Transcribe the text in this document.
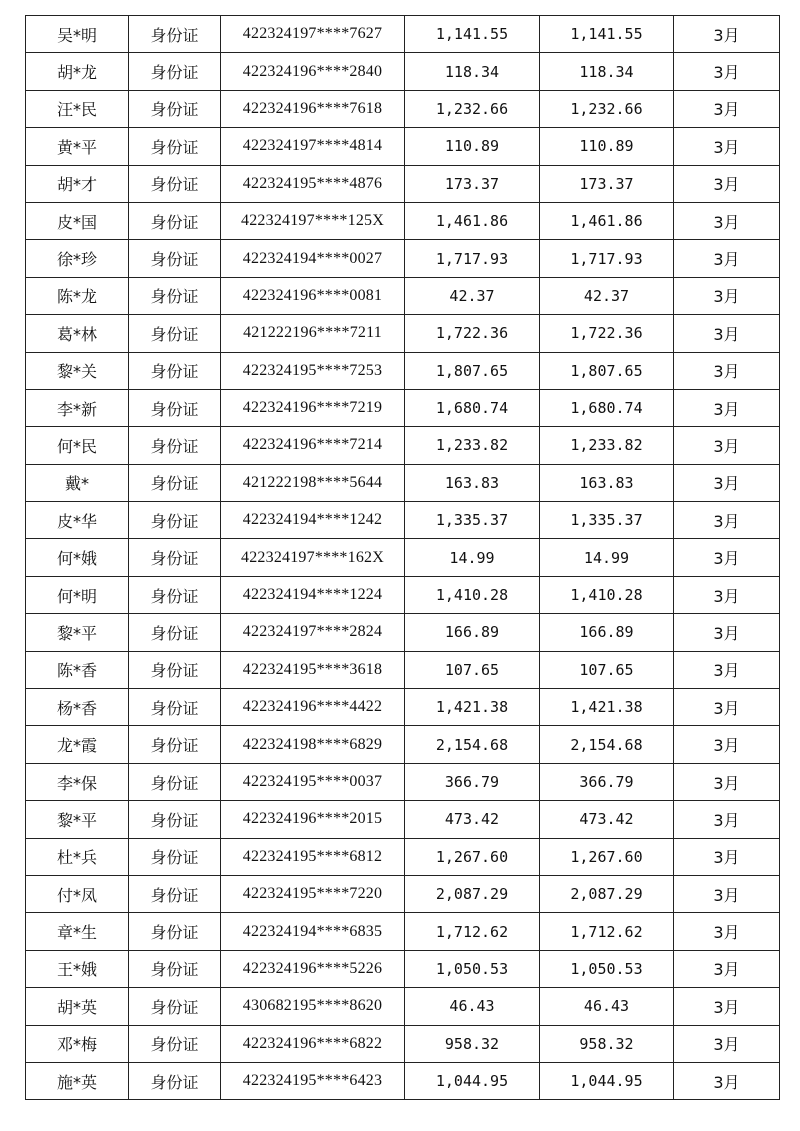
吴*明	身份证	422324197****7627	1,141.55	1,141.55	3月
胡*龙	身份证	422324196****2840	118.34	118.34	3月
汪*民	身份证	422324196****7618	1,232.66	1,232.66	3月
黄*平	身份证	422324197****4814	110.89	110.89	3月
胡*才	身份证	422324195****4876	173.37	173.37	3月
皮*国	身份证	422324197****125X	1,461.86	1,461.86	3月
徐*珍	身份证	422324194****0027	1,717.93	1,717.93	3月
陈*龙	身份证	422324196****0081	42.37	42.37	3月
葛*林	身份证	421222196****7211	1,722.36	1,722.36	3月
黎*关	身份证	422324195****7253	1,807.65	1,807.65	3月
李*新	身份证	422324196****7219	1,680.74	1,680.74	3月
何*民	身份证	422324196****7214	1,233.82	1,233.82	3月
戴*	身份证	421222198****5644	163.83	163.83	3月
皮*华	身份证	422324194****1242	1,335.37	1,335.37	3月
何*娥	身份证	422324197****162X	14.99	14.99	3月
何*明	身份证	422324194****1224	1,410.28	1,410.28	3月
黎*平	身份证	422324197****2824	166.89	166.89	3月
陈*香	身份证	422324195****3618	107.65	107.65	3月
杨*香	身份证	422324196****4422	1,421.38	1,421.38	3月
龙*霞	身份证	422324198****6829	2,154.68	2,154.68	3月
李*保	身份证	422324195****0037	366.79	366.79	3月
黎*平	身份证	422324196****2015	473.42	473.42	3月
杜*兵	身份证	422324195****6812	1,267.60	1,267.60	3月
付*凤	身份证	422324195****7220	2,087.29	2,087.29	3月
章*生	身份证	422324194****6835	1,712.62	1,712.62	3月
王*娥	身份证	422324196****5226	1,050.53	1,050.53	3月
胡*英	身份证	430682195****8620	46.43	46.43	3月
邓*梅	身份证	422324196****6822	958.32	958.32	3月
施*英	身份证	422324195****6423	1,044.95	1,044.95	3月
